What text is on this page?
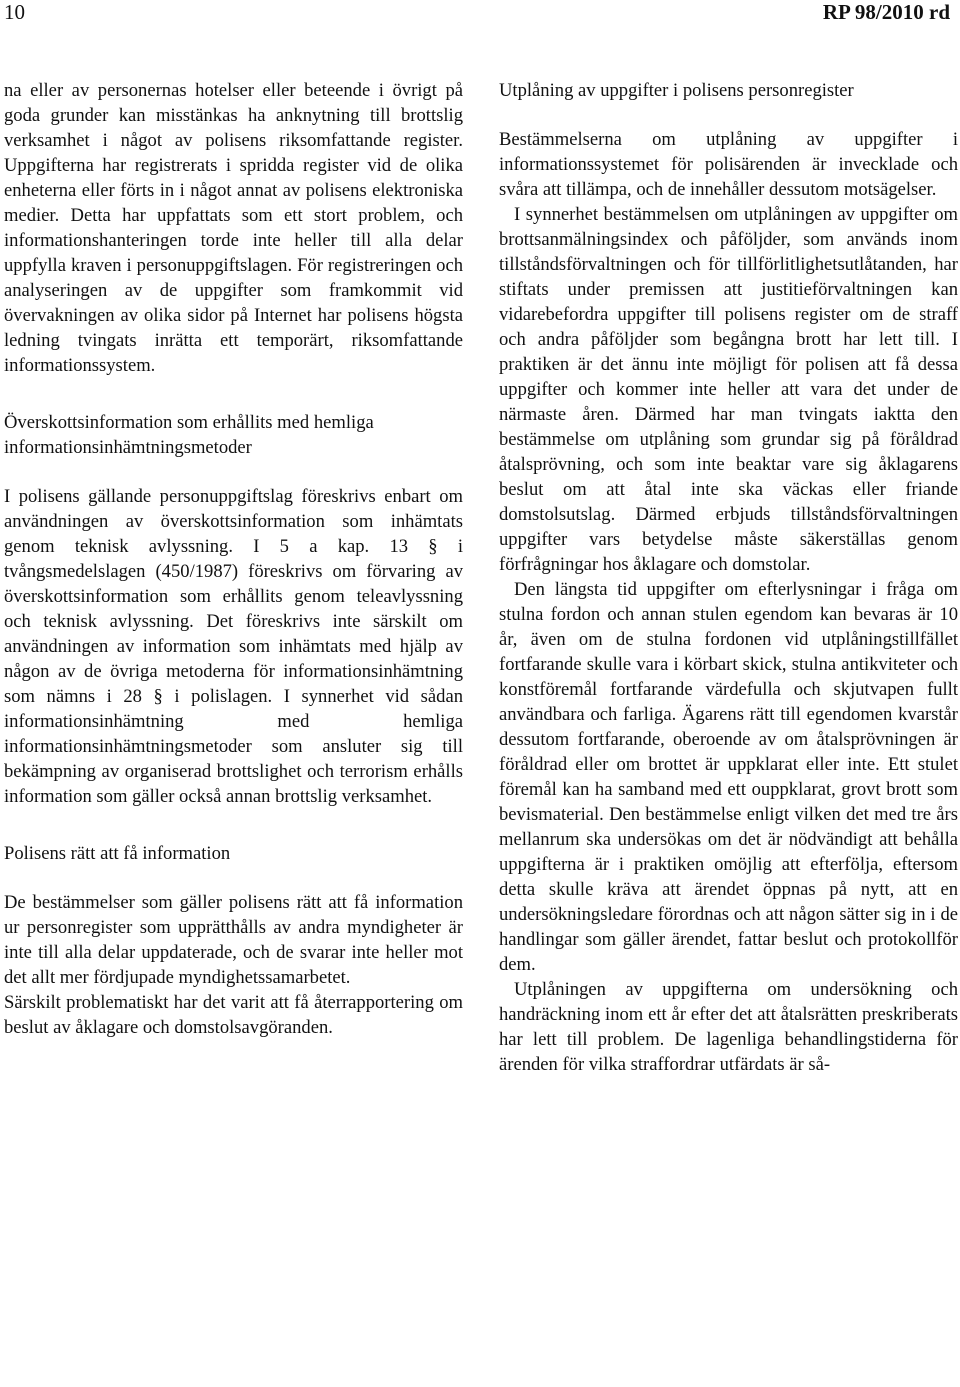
10	RP 98/2010 rd

na eller av personernas hotelser eller beteende i övrigt på goda grunder kan misstänkas ha anknytning till brottslig verksamhet i något av polisens riksomfattande register. Uppgifterna har registrerats i spridda register vid de olika enheterna eller förts in i något annat av polisens elektroniska medier. Detta har uppfattats som ett stort problem, och informationshanteringen torde inte heller till alla delar uppfylla kraven i personuppgiftslagen. För registreringen och analyseringen av de uppgifter som framkommit vid övervakningen av olika sidor på Internet har polisens högsta ledning tvingats inrätta ett temporärt, riksomfattande informationssystem.

Överskottsinformation som erhållits med hemliga informationsinhämtningsmetoder

I polisens gällande personuppgiftslag föreskrivs enbart om användningen av överskottsinformation som inhämtats genom teknisk avlyssning. I 5 a kap. 13 § i tvångsmedelslagen (450/1987) föreskrivs om förvaring av överskottsinformation som erhållits genom teleavlyssning och teknisk avlyssning. Det föreskrivs inte särskilt om användningen av information som inhämtats med hjälp av någon av de övriga metoderna för informationsinhämtning som nämns i 28 § i polislagen. I synnerhet vid sådan informationsinhämtning med hemliga informationsinhämtningsmetoder som ansluter sig till bekämpning av organiserad brottslighet och terrorism erhålls information som gäller också annan brottslig verksamhet.

Polisens rätt att få information

De bestämmelser som gäller polisens rätt att få information ur personregister som upprätthålls av andra myndigheter är inte till alla delar uppdaterade, och de svarar inte heller mot det allt mer fördjupade myndighetssamarbetet.

Särskilt problematiskt har det varit att få återrapportering om beslut av åklagare och domstolsavgöranden.

Utplåning av uppgifter i polisens personregister

Bestämmelserna om utplåning av uppgifter i informationssystemet för polisärenden är invecklade och svåra att tillämpa, och de innehåller dessutom motsägelser.

I synnerhet bestämmelsen om utplåningen av uppgifter om brottsanmälningsindex och påföljder, som används inom tillståndsförvaltningen och för tillförlitlighetsutlåtanden, har stiftats under premissen att justitieförvaltningen kan vidarebefordra uppgifter till polisens register om de straff och andra påföljder som begångna brott har lett till. I praktiken är det ännu inte möjligt för polisen att få dessa uppgifter och kommer inte heller att vara det under de närmaste åren. Därmed har man tvingats iaktta den bestämmelse om utplåning som grundar sig på föråldrad åtalsprövning, och som inte beaktar vare sig åklagarens beslut om att åtal inte ska väckas eller friande domstolsutslag. Därmed erbjuds tillståndsförvaltningen uppgifter vars betydelse måste säkerställas genom förfrågningar hos åklagare och domstolar.

Den längsta tid uppgifter om efterlysningar i fråga om stulna fordon och annan stulen egendom kan bevaras är 10 år, även om de stulna fordonen vid utplåningstillfället fortfarande skulle vara i körbart skick, stulna antikviteter och konstföremål fortfarande värdefulla och skjutvapen fullt användbara och farliga. Ägarens rätt till egendomen kvarstår dessutom fortfarande, oberoende av om åtalsprövningen är föråldrad eller om brottet är uppklarat eller inte. Ett stulet föremål kan ha samband med ett ouppklarat, grovt brott som bevismaterial. Den bestämmelse enligt vilken det med tre års mellanrum ska undersökas om det är nödvändigt att behålla uppgifterna är i praktiken omöjlig att efterfölja, eftersom detta skulle kräva att ärendet öppnas på nytt, att en undersökningsledare förordnas och att någon sätter sig in i de handlingar som gäller ärendet, fattar beslut och protokollför dem.

Utplåningen av uppgifterna om undersökning och handräckning inom ett år efter det att åtalsrätten preskriberats har lett till problem. De lagenliga behandlingstiderna för ärenden för vilka straffordrar utfärdats är så-
